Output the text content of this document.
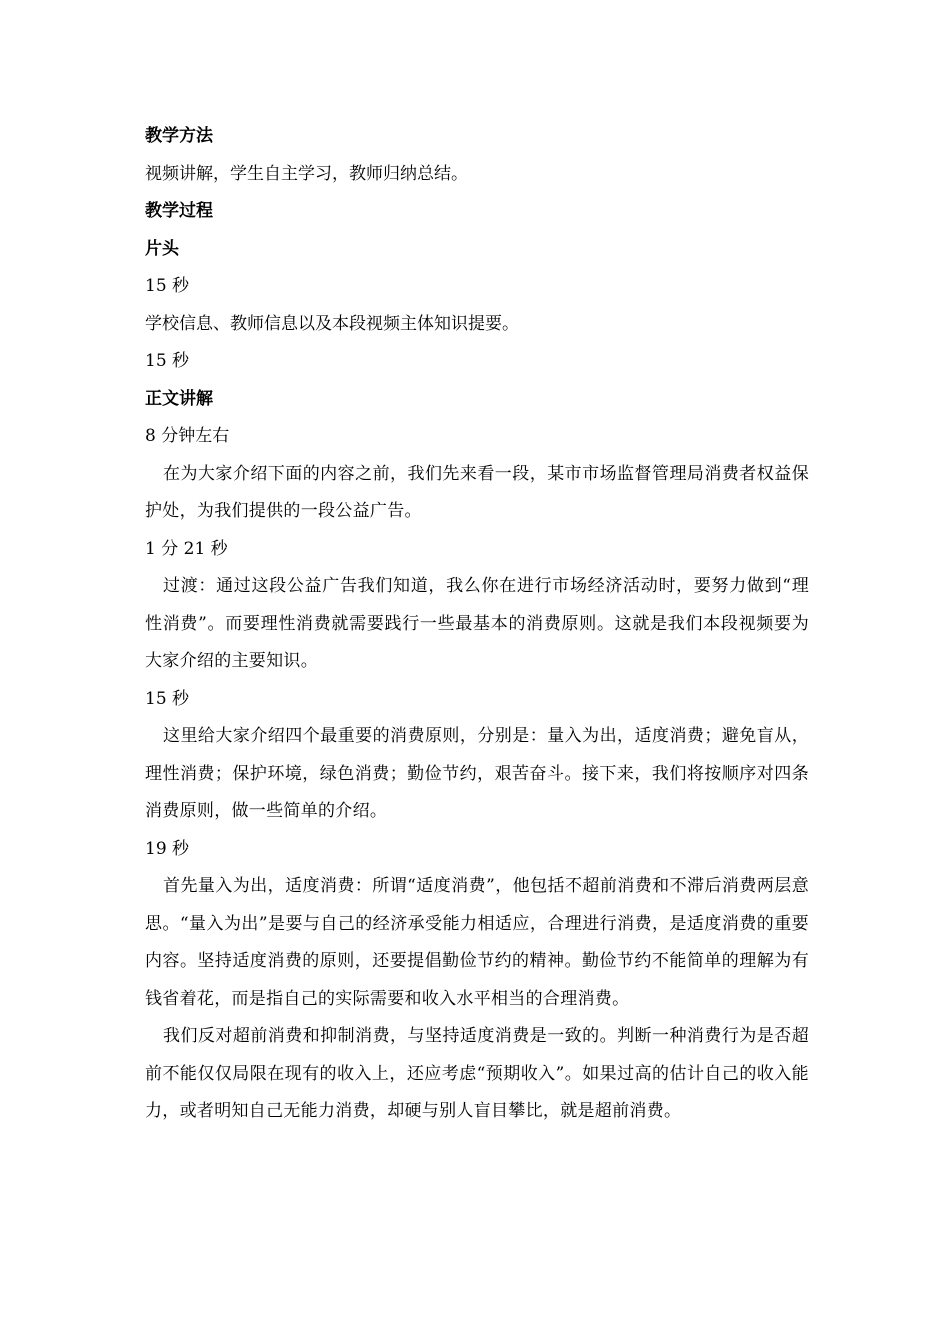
教学方法

视频讲解，学生自主学习，教师归纳总结。

教学过程

片头

15 秒

学校信息、教师信息以及本段视频主体知识提要。

15 秒

正文讲解

8 分钟左右

在为大家介绍下面的内容之前，我们先来看一段，某市市场监督管理局消费者权益保护处，为我们提供的一段公益广告。

1 分 21 秒

过渡：通过这段公益广告我们知道，我么你在进行市场经济活动时，要努力做到“理性消费”。而要理性消费就需要践行一些最基本的消费原则。这就是我们本段视频要为大家介绍的主要知识。

15 秒

这里给大家介绍四个最重要的消费原则，分别是：量入为出，适度消费；避免盲从，理性消费；保护环境，绿色消费；勤俭节约，艰苦奋斗。接下来，我们将按顺序对四条消费原则，做一些简单的介绍。

19 秒

首先量入为出，适度消费：所谓“适度消费”，他包括不超前消费和不滞后消费两层意思。“量入为出”是要与自己的经济承受能力相适应，合理进行消费，是适度消费的重要内容。坚持适度消费的原则，还要提倡勤俭节约的精神。勤俭节约不能简单的理解为有钱省着花，而是指自己的实际需要和收入水平相当的合理消费。

我们反对超前消费和抑制消费，与坚持适度消费是一致的。判断一种消费行为是否超前不能仅仅局限在现有的收入上，还应考虑“预期收入”。如果过高的估计自己的收入能力，或者明知自己无能力消费，却硬与别人盲目攀比，就是超前消费。
